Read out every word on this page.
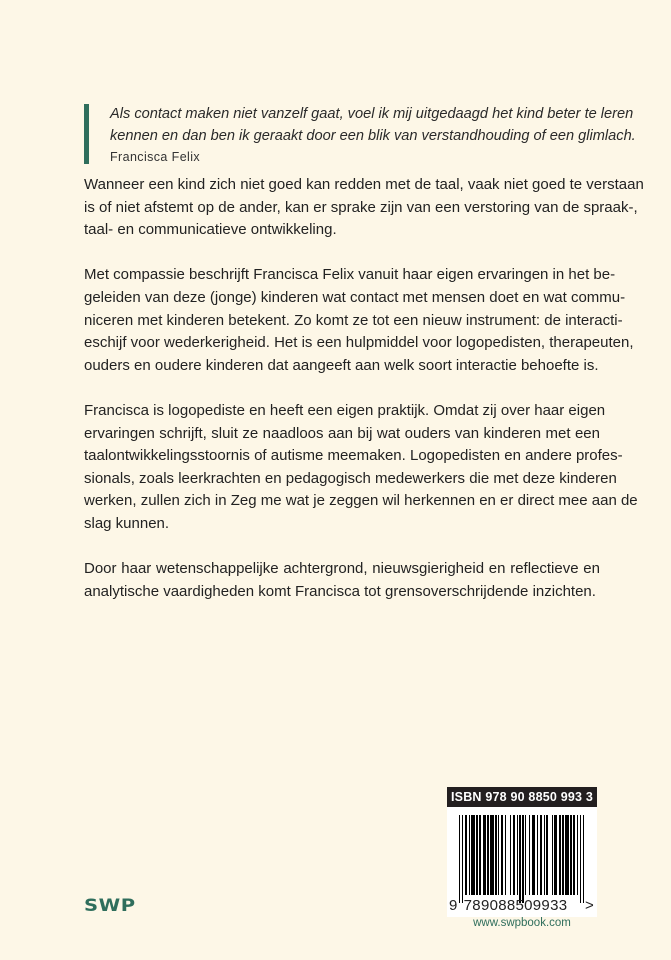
Als contact maken niet vanzelf gaat, voel ik mij uitgedaagd het kind beter te leren
kennen en dan ben ik geraakt door een blik van verstandhouding of een glimlach.
Francisca Felix
Wanneer een kind zich niet goed kan redden met de taal, vaak niet goed te verstaan
is of niet afstemt op de ander, kan er sprake zijn van een verstoring van de spraak-,
taal- en communicatieve ontwikkeling.
Met compassie beschrijft Francisca Felix vanuit haar eigen ervaringen in het be-
geleiden van deze (jonge) kinderen wat contact met mensen doet en wat commu-
niceren met kinderen betekent. Zo komt ze tot een nieuw instrument: de interacti-
eschijf voor wederkerigheid. Het is een hulpmiddel voor logopedisten, therapeuten,
ouders en oudere kinderen dat aangeeft aan welk soort interactie behoefte is.
Francisca is logopediste en heeft een eigen praktijk. Omdat zij over haar eigen
ervaringen schrijft, sluit ze naadloos aan bij wat ouders van kinderen met een
taalontwikkelingsstoornis of autisme meemaken. Logopedisten en andere profes-
sionals, zoals leerkrachten en pedagogisch medewerkers die met deze kinderen
werken, zullen zich in Zeg me wat je zeggen wil herkennen en er direct mee aan de
slag kunnen.
Door haar wetenschappelijke achtergrond, nieuwsgierigheid en reflectieve en
analytische vaardigheden komt Francisca tot grensoverschrijdende inzichten.
ISBN 978 90 8850 993 3
9 789088509933 >
www.swpbook.com
SWP
